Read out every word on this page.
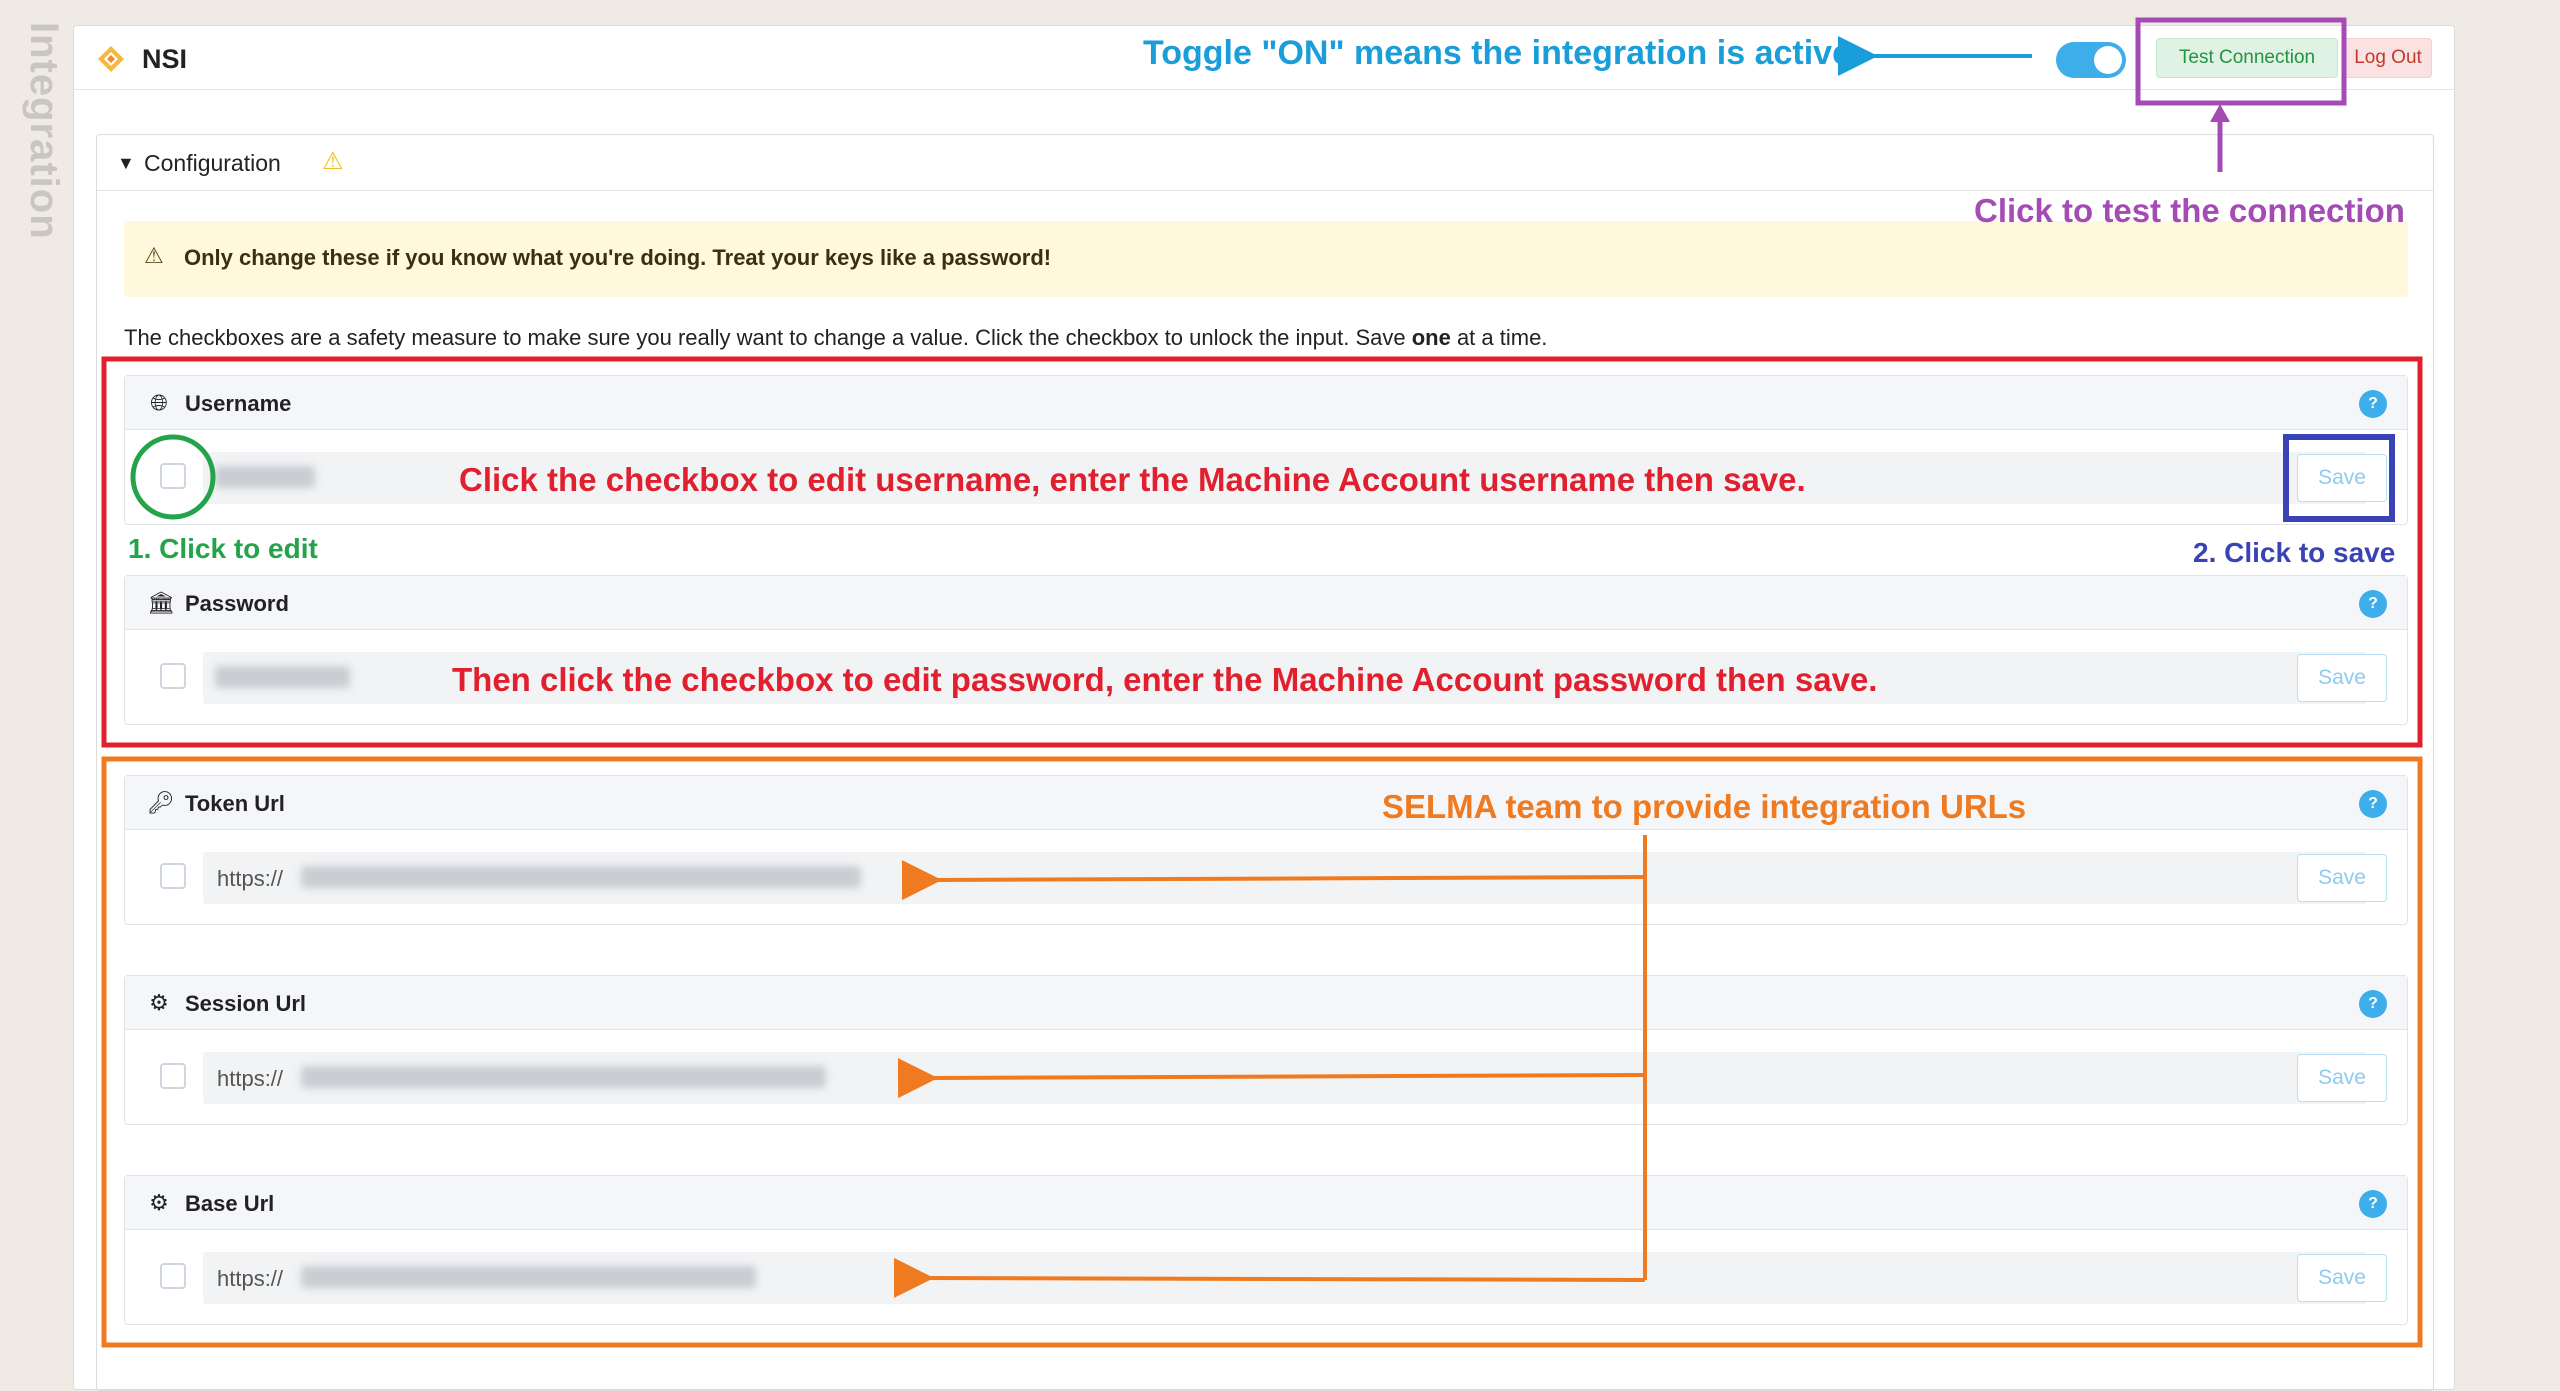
Integration	NSI	Test Connection	Log Out
▼ Configuration ⚠
⚠ Only change these if you know what you're doing. Treat your keys like a password!
The checkboxes are a safety measure to make sure you really want to change a value. Click the checkbox to unlock the input. Save one at a time.
🌐︎ Username	?
Save
🏛︎ Password	?
Save
🔑︎ Token Url	?
https://	Save
⚙︎ Session Url	?
https://	Save
⚙︎ Base Url	?
https://	Save
Toggle "ON" means the integration is active
Click to test the connection
Click the checkbox to edit username, enter the Machine Account username then save.
1. Click to edit	2. Click to save
Then click the checkbox to edit password, enter the Machine Account password then save.
SELMA team to provide integration URLs
